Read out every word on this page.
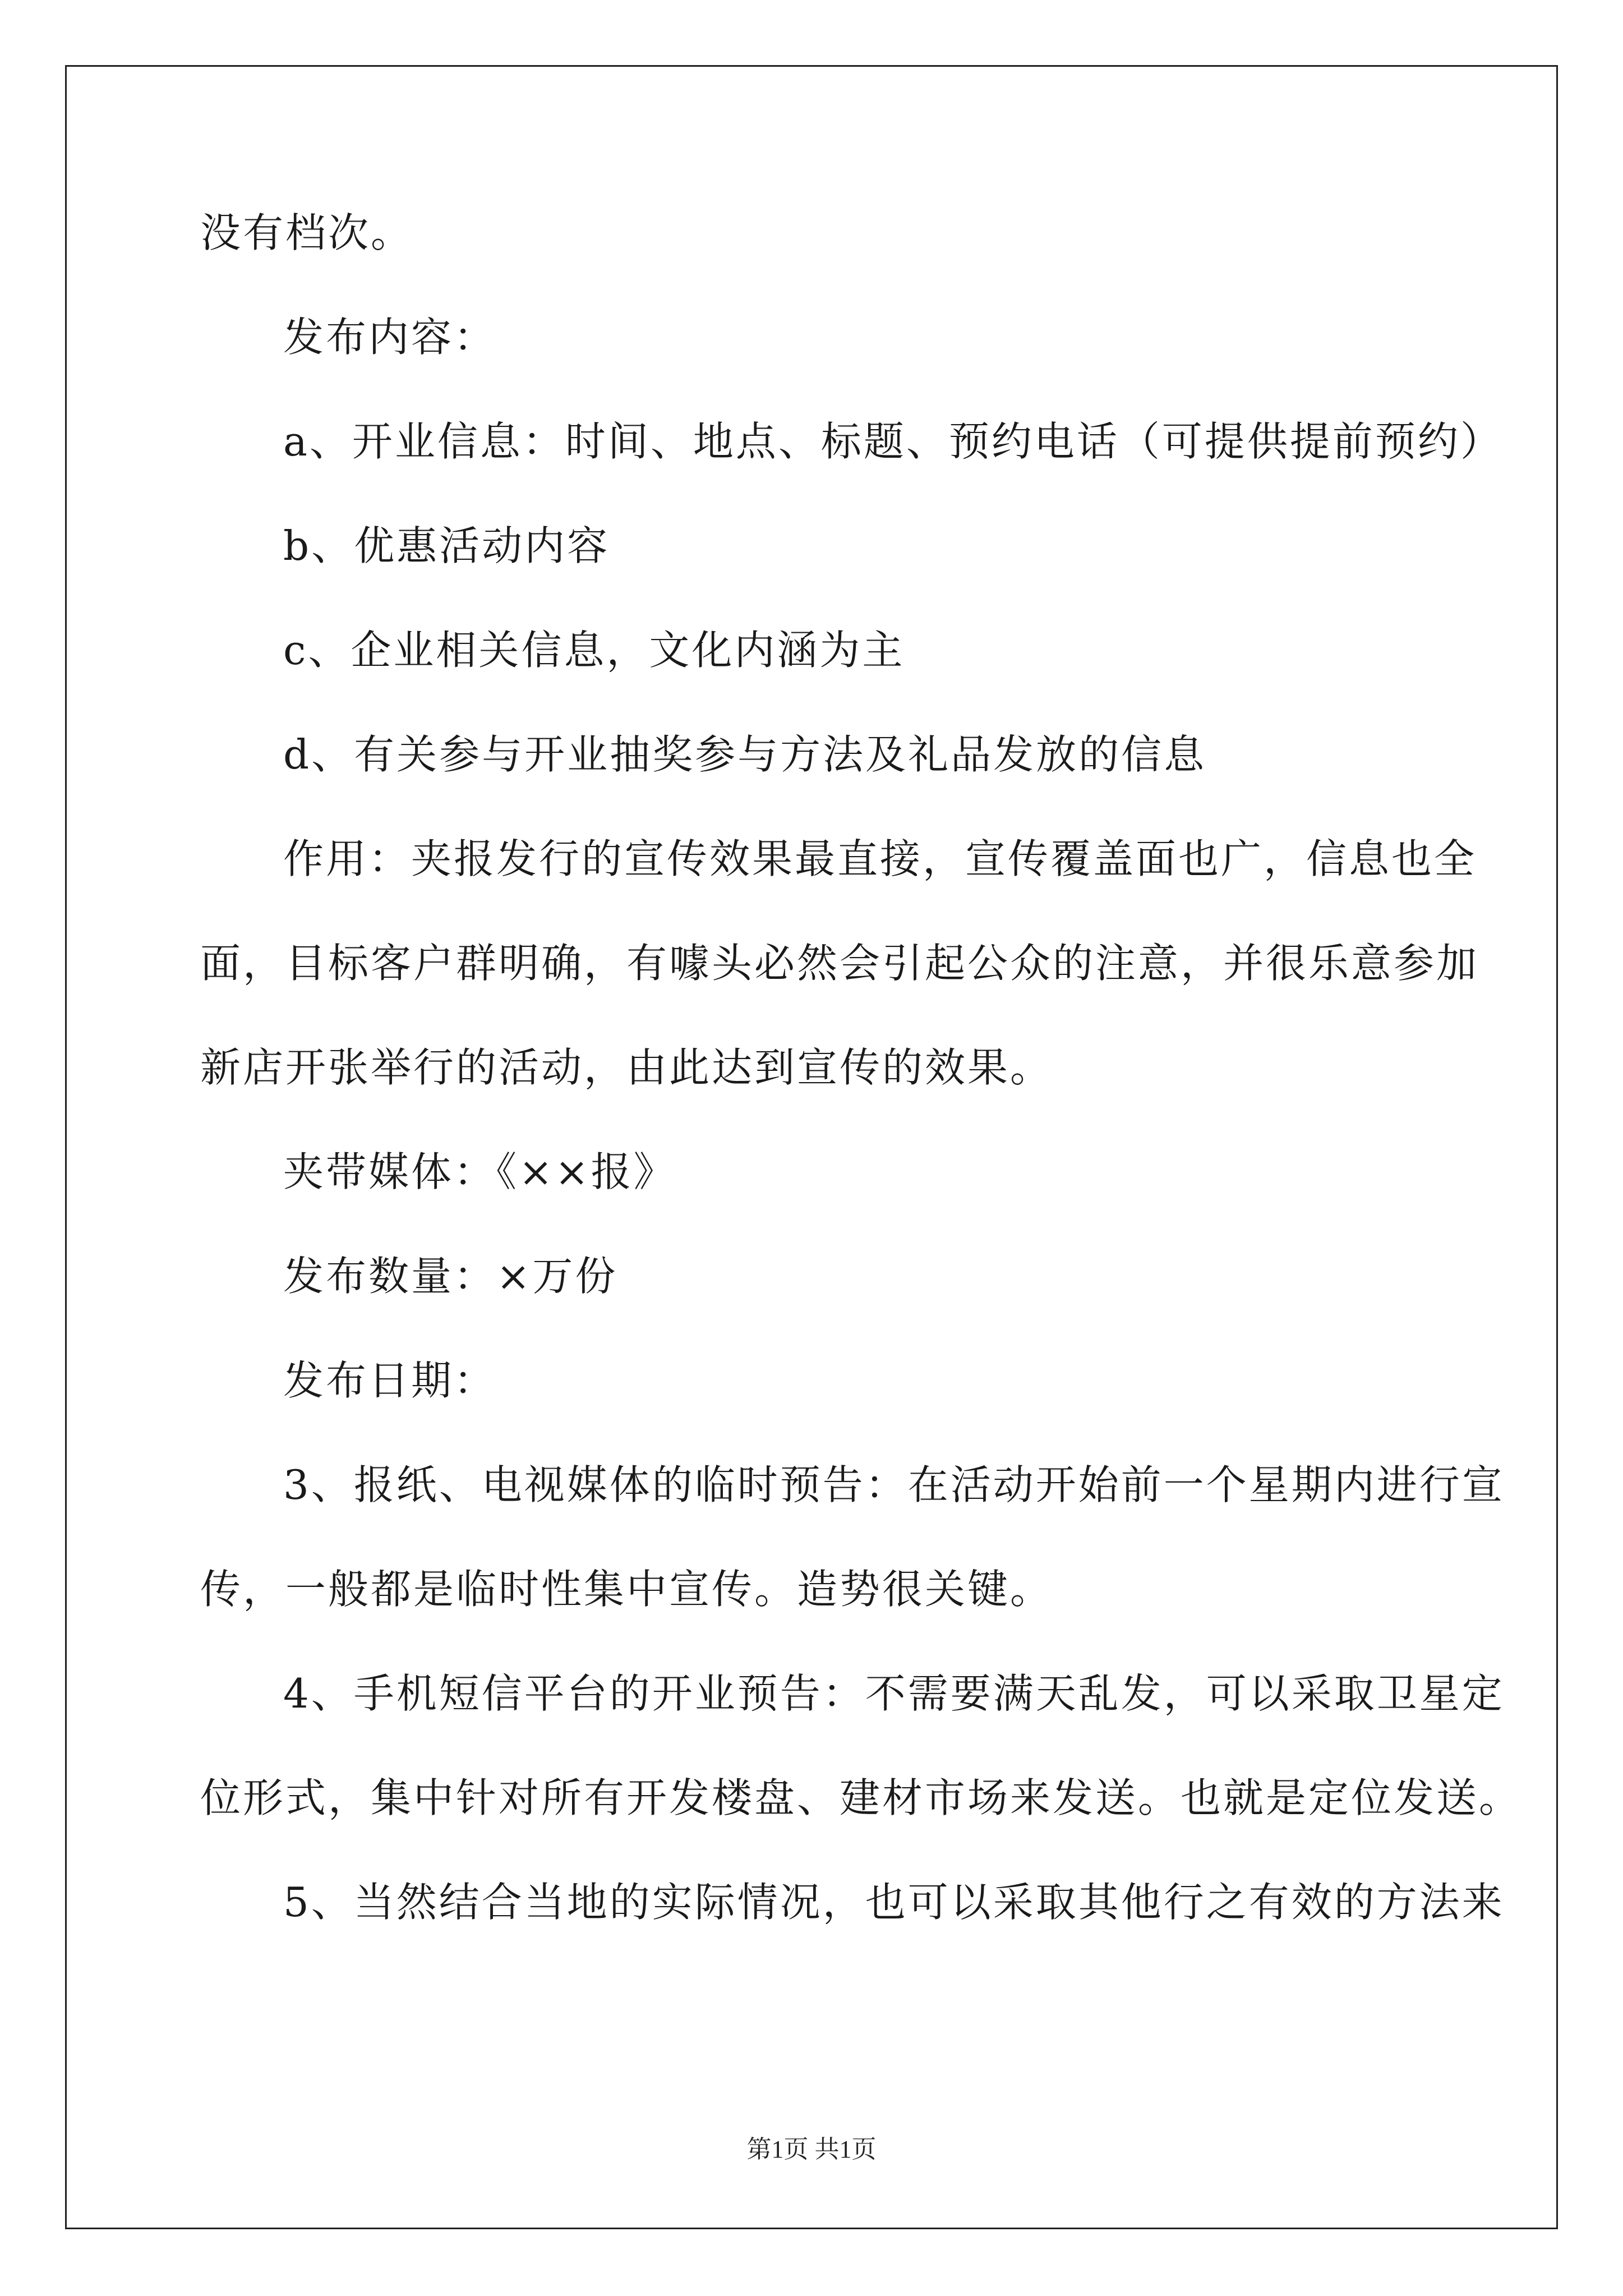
没有档次。
发布内容：
a、开业信息：时间、地点、标题、预约电话（可提供提前预约）
b、优惠活动内容
c、企业相关信息，文化内涵为主
d、有关参与开业抽奖参与方法及礼品发放的信息
作用：夹报发行的宣传效果最直接，宣传覆盖面也广，信息也全
面，目标客户群明确，有噱头必然会引起公众的注意，并很乐意参加
新店开张举行的活动，由此达到宣传的效果。
夹带媒体：《××报》
发布数量：×万份
发布日期：
3、报纸、电视媒体的临时预告：在活动开始前一个星期内进行宣
传，一般都是临时性集中宣传。造势很关键。
4、手机短信平台的开业预告：不需要满天乱发，可以采取卫星定
位形式，集中针对所有开发楼盘、建材市场来发送。也就是定位发送。
5、当然结合当地的实际情况，也可以采取其他行之有效的方法来
第1页 共1页
